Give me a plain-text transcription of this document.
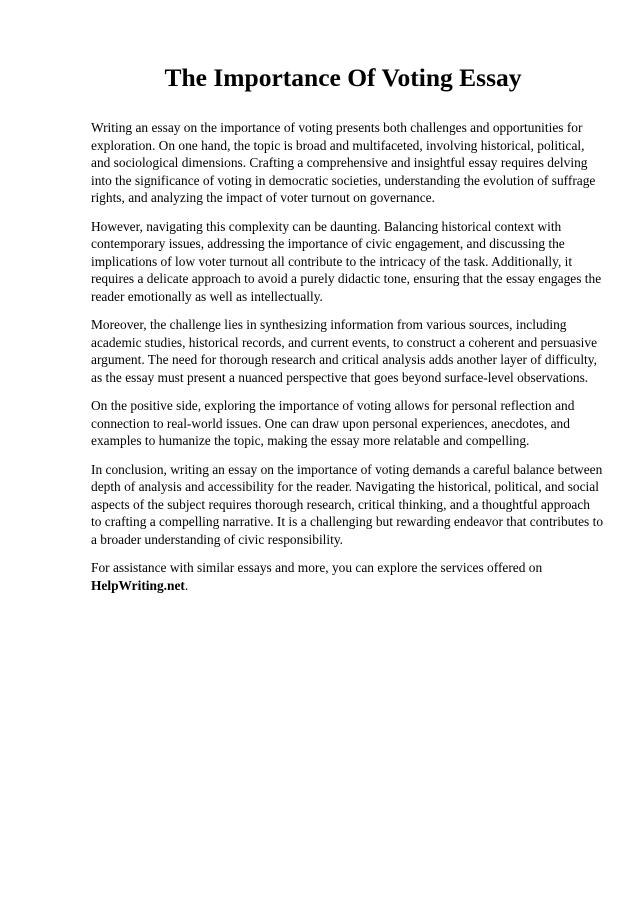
The Importance Of Voting Essay

Writing an essay on the importance of voting presents both challenges and opportunities for exploration. On one hand, the topic is broad and multifaceted, involving historical, political, and sociological dimensions. Crafting a comprehensive and insightful essay requires delving into the significance of voting in democratic societies, understanding the evolution of suffrage rights, and analyzing the impact of voter turnout on governance.

However, navigating this complexity can be daunting. Balancing historical context with contemporary issues, addressing the importance of civic engagement, and discussing the implications of low voter turnout all contribute to the intricacy of the task. Additionally, it requires a delicate approach to avoid a purely didactic tone, ensuring that the essay engages the reader emotionally as well as intellectually.

Moreover, the challenge lies in synthesizing information from various sources, including academic studies, historical records, and current events, to construct a coherent and persuasive argument. The need for thorough research and critical analysis adds another layer of difficulty, as the essay must present a nuanced perspective that goes beyond surface-level observations.

On the positive side, exploring the importance of voting allows for personal reflection and connection to real-world issues. One can draw upon personal experiences, anecdotes, and examples to humanize the topic, making the essay more relatable and compelling.

In conclusion, writing an essay on the importance of voting demands a careful balance between depth of analysis and accessibility for the reader. Navigating the historical, political, and social aspects of the subject requires thorough research, critical thinking, and a thoughtful approach to crafting a compelling narrative. It is a challenging but rewarding endeavor that contributes to a broader understanding of civic responsibility.

For assistance with similar essays and more, you can explore the services offered on
HelpWriting.net.
